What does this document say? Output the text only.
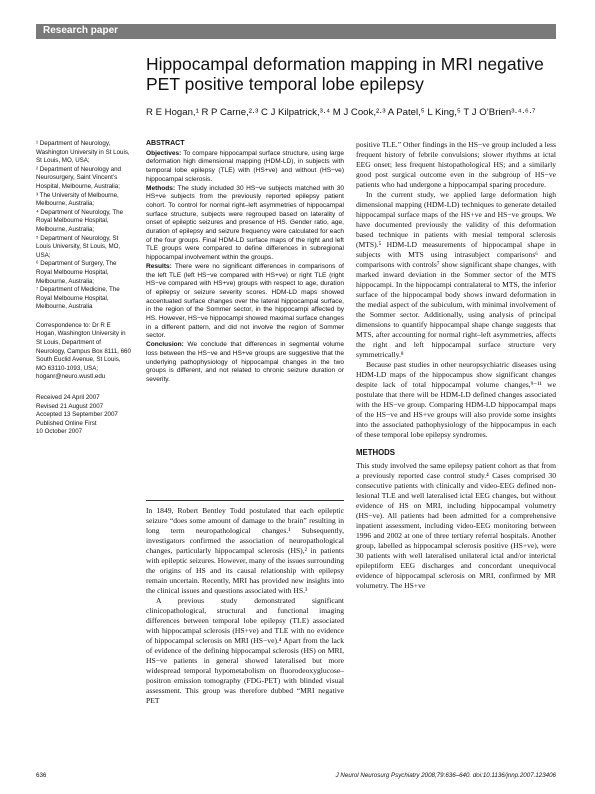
Research paper
Hippocampal deformation mapping in MRI negative PET positive temporal lobe epilepsy
R E Hogan,¹ R P Carne,²·³ C J Kilpatrick,³·⁴ M J Cook,²·³ A Patel,⁵ L King,⁵ T J O’Brien³·⁴·⁶·⁷

¹ Department of Neurology, Washington University in St Louis, St Louis, MO, USA;

² Department of Neurology and Neurosurgery, Saint Vincent’s Hospital, Melbourne, Australia;

³ The University of Melbourne, Melbourne, Australia;

⁴ Department of Neurology, The Royal Melbourne Hospital, Melbourne, Australia;

⁵ Department of Neurology, St Louis University, St Louis, MO, USA;

⁶ Department of Surgery, The Royal Melbourne Hospital, Melbourne, Australia;

⁷ Department of Medicine, The Royal Melbourne Hospital, Melbourne, Australia

Correspondence to: Dr R E Hogan, Washington University in St Louis, Department of Neurology, Campus Box 8111, 660 South Euclid Avenue, St Louis, MO 63110-1093, USA; hoganr@neuro.wustl.edu

Received 24 April 2007

Revised 21 August 2007

Accepted 13 September 2007

Published Online First

10 October 2007

ABSTRACT

Objectives: To compare hippocampal surface structure, using large deformation high dimensional mapping (HDM-LD), in subjects with temporal lobe epilepsy (TLE) with (HS+ve) and without (HS−ve) hippocampal sclerosis.

Methods: The study included 30 HS−ve subjects matched with 30 HS+ve subjects from the previously reported epilepsy patient cohort. To control for normal right–left asymmetries of hippocampal surface structure, subjects were regrouped based on laterality of onset of epileptic seizures and presence of HS. Gender ratio, age, duration of epilepsy and seizure frequency were calculated for each of the four groups. Final HDM-LD surface maps of the right and left TLE groups were compared to define differences in subregional hippocampal involvement within the groups.

Results: There were no significant differences in comparisons of the left TLE (left HS−ve compared with HS+ve) or right TLE (right HS−ve compared with HS+ve) groups with respect to age, duration of epilepsy or seizure severity scores. HDM-LD maps showed accentuated surface changes over the lateral hippocampal surface, in the region of the Sommer sector, in the hippocampi affected by HS. However, HS−ve hippocampi showed maximal surface changes in a different pattern, and did not involve the region of Sommer sector.

Conclusion: We conclude that differences in segmental volume loss between the HS−ve and HS+ve groups are suggestive that the underlying pathophysiology of hippocampal changes in the two groups is different, and not related to chronic seizure duration or severity.

In 1849, Robert Bentley Todd postulated that each epileptic seizure “does some amount of damage to the brain” resulting in long term neuropathological changes.¹ Subsequently, investigators confirmed the association of neuropathological changes, particularly hippocampal sclerosis (HS),² in patients with epileptic seizures. However, many of the issues surrounding the origins of HS and its causal relationship with epilepsy remain uncertain. Recently, MRI has provided new insights into the clinical issues and questions associated with HS.³

A previous study demonstrated significant clinicopathological, structural and functional imaging differences between temporal lobe epilepsy (TLE) associated with hippocampal sclerosis (HS+ve) and TLE with no evidence of hippocampal sclerosis on MRI (HS−ve).⁴ Apart from the lack of evidence of the defining hippocampal sclerosis (HS) on MRI, HS−ve patients in general showed lateralised but more widespread temporal hypometabolism on fluorodeoxyglucose–positron emission tomography (FDG-PET) with blinded visual assessment. This group was therefore dubbed “MRI negative PET

positive TLE.” Other findings in the HS−ve group included a less frequent history of febrile convulsions; slower rhythms at ictal EEG onset; less frequent histopathological HS; and a similarly good post surgical outcome even in the subgroup of HS−ve patients who had undergone a hippocampal sparing procedure.

In the current study, we applied large deformation high dimensional mapping (HDM-LD) techniques to generate detailed hippocampal surface maps of the HS+ve and HS−ve groups. We have documented previously the validity of this deformation based technique in patients with mesial temporal sclerosis (MTS).⁵ HDM-LD measurements of hippocampal shape in subjects with MTS using intrasubject comparisons⁶ and comparisons with controls⁷ show significant shape changes, with marked inward deviation in the Sommer sector of the MTS hippocampi. In the hippocampi contralateral to MTS, the inferior surface of the hippocampal body shows inward deformation in the medial aspect of the subiculum, with minimal involvement of the Sommer sector. Additionally, using analysis of principal dimensions to quantify hippocampal shape change suggests that MTS, after accounting for normal right–left asymmetries, affects the right and left hippocampal surface structure very symmetrically.⁸

Because past studies in other neuropsychiatric diseases using HDM-LD maps of the hippocampus show significant changes despite lack of total hippocampal volume changes,⁹⁻¹¹ we postulate that there will be HDM-LD defined changes associated with the HS−ve group. Comparing HDM-LD hippocampal maps of the HS−ve and HS+ve groups will also provide some insights into the associated pathophysiology of the hippocampus in each of these temporal lobe epilepsy syndromes.

METHODS

This study involved the same epilepsy patient cohort as that from a previously reported case control study.⁴ Cases comprised 30 consecutive patients with clinically and video-EEG defined non-lesional TLE and well lateralised ictal EEG changes, but without evidence of HS on MRI, including hippocampal volumetry (HS−ve). All patients had been admitted for a comprehensive inpatient assessment, including video-EEG monitoring between 1996 and 2002 at one of three tertiary referral hospitals. Another group, labelled as hippocampal sclerosis positive (HS+ve), were 30 patients with well lateralised unilateral ictal and/or interictal epileptiform EEG discharges and concordant unequivocal evidence of hippocampal sclerosis on MRI, confirmed by MR volumetry. The HS+ve

636	J Neurol Neurosurg Psychiatry 2008;79:636–640. doi:10.1136/jnnp.2007.123406
